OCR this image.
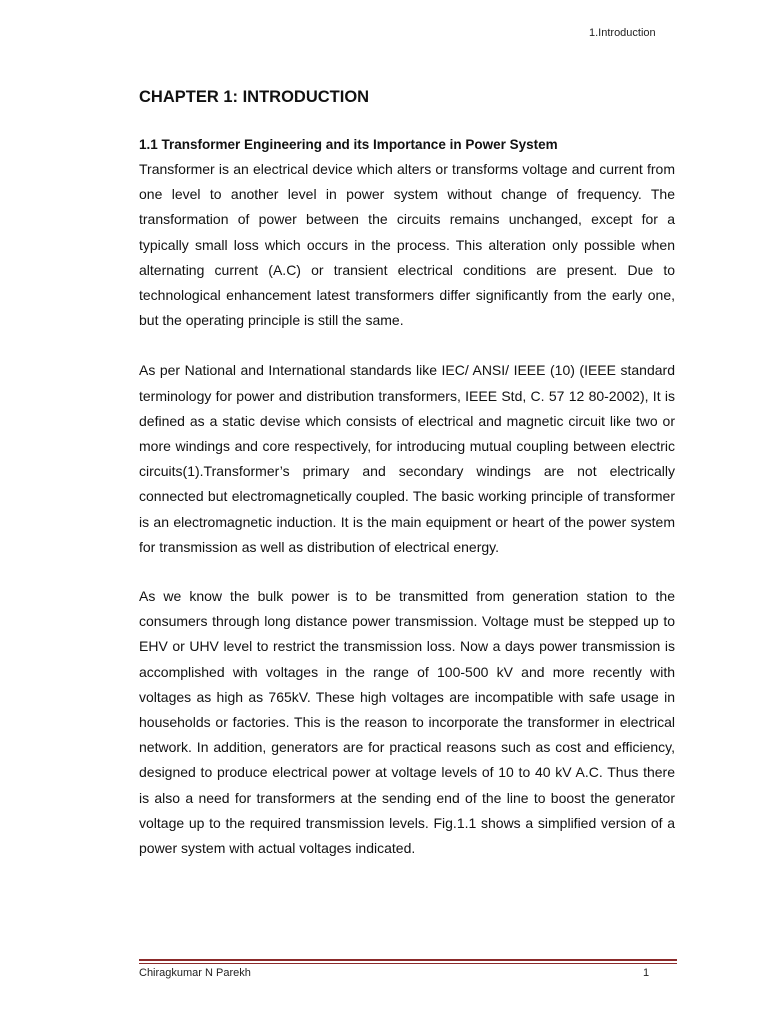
1.Introduction
CHAPTER 1: INTRODUCTION
1.1 Transformer Engineering and its Importance in Power System

Transformer is an electrical device which alters or transforms voltage and current from one level to another level in power system without change of frequency. The transformation of power between the circuits remains unchanged, except for a typically small loss which occurs in the process. This alteration only possible when alternating current (A.C) or transient electrical conditions are present. Due to technological enhancement latest transformers differ significantly from the early one, but the operating principle is still the same.

As per National and International standards like IEC/ ANSI/ IEEE (10) (IEEE standard terminology for power and distribution transformers, IEEE Std, C. 57 12 80-2002), It is defined as a static devise which consists of electrical and magnetic circuit like two or more windings and core respectively, for introducing mutual coupling between electric circuits(1).Transformer’s primary and secondary windings are not electrically connected but electromagnetically coupled. The basic working principle of transformer is an electromagnetic induction. It is the main equipment or heart of the power system for transmission as well as distribution of electrical energy.

As we know the bulk power is to be transmitted from generation station to the consumers through long distance power transmission. Voltage must be stepped up to EHV or UHV level to restrict the transmission loss. Now a days power transmission is accomplished with voltages in the range of 100-500 kV and more recently with voltages as high as 765kV. These high voltages are incompatible with safe usage in households or factories. This is the reason to incorporate the transformer in electrical network. In addition, generators are for practical reasons such as cost and efficiency, designed to produce electrical power at voltage levels of 10 to 40 kV A.C. Thus there is also a need for transformers at the sending end of the line to boost the generator voltage up to the required transmission levels. Fig.1.1 shows a simplified version of a power system with actual voltages indicated.

Chiragkumar N Parekh	1
